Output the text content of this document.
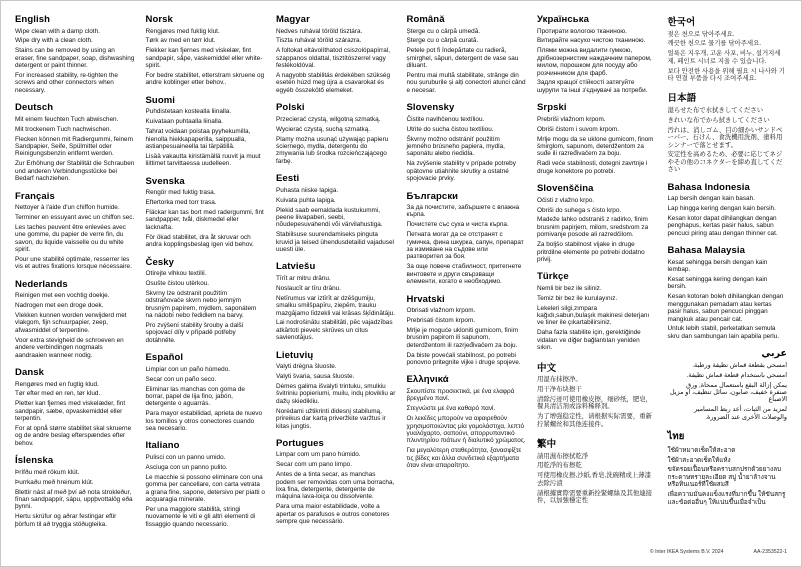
English

Wipe clean with a damp cloth.

Wipe dry with a clean cloth.

Stains can be removed by using an eraser, fine sandpaper, soap, dishwashing detergent or paint thinner.

For increased stability, re-tighten the screws and other connectors when necessary.

Deutsch

Mit einem feuchten Tuch abwischen.

Mit trockenem Tuch nachwischen.

Flecken können mit Radiergummi, feinem Sandpapier, Seife, Spülmittel oder Reinigungsbenzin entfernt werden.

Zur Erhöhung der Stabilität die Schrauben und anderen Verbindungsstücke bei Bedarf nachziehen.

Français

Nettoyer à l'aide d'un chiffon humide.

Terminer en essuyant avec un chiffon sec.

Les taches peuvent être enlevées avec une gomme, du papier de verre fin, du savon, du liquide vaisselle ou du white spirit.

Pour une stabilité optimale, resserrer les vis et autres fixations lorsque nécessaire.

Nederlands

Reinigen met een vochtig doekje.

Nadrogen met een droge doek.

Vlekken kunnen worden verwijderd met vlakgom, fijn schuurpapier, zeep, afwasmiddel of terpentine.

Voor extra stevigheid de schroeven en andere verbindingen nogmaals aandraaien wanneer nodig.

Dansk

Rengøres med en fugtig klud.

Tør efter med en ren, tør klud.

Pletter kan fjernes med viskelæder, fint sandpapir, sæbe, opvaskemiddel eller terpentin.

For at opnå større stabilitet skal skruerne og de andre beslag efterspændes efter behov.

Íslenska

Þrífðu með rökum klút.

Þurrkaðu með hreinum klút.

Blettir nást af með því að nota strokleður, fínan sandpappír, sápu, uppþvottalög eða þynni.

Hertu skrúfur og aðrar festingar eftir þörfum til að tryggja stöðugleika.

Norsk

Rengjøres med fuktig klut.

Tørk av med en tørr klut.

Flekker kan fjernes med viskelær, fint sandpapir, såpe, vaskemiddel eller white-spirit.

For bedre stabilitet, etterstram skruene og andre koblinger etter behov..

Suomi

Puhdistetaan kostealla liinalla.

Kuivataan puhtaalla liinalla.

Tahrat voidaan poistaa pyyhekumilla, hienolla hiekkapaperilla, saippualla, astianpesuaineella tai tärpätillä.

Lisää vakautta kiristämällä ruuvit ja muut liittimet tarvittaessa uudelleen.

Svenska

Rengör med fuktig trasa.

Eftertorka med torr trasa.

Fläckar kan tas bort med radergummi, fint sandpapper, tvål, diskmedel eller lacknafta.

För ökad stabilitet, dra åt skruvar och andra kopplingsbeslag igen vid behov.

Česky

Otírejte vlhkou textilií.

Osušte čistou utěrkou.

Skvrny lze odstranit použitím odstraňovače skvrn nebo jemným brusným papírem, mýdlem, saponátem na nádobí nebo ředidlem na barvy.

Pro zvýšení stability šrouby a další spojovací díly v případě potřeby dotáhněte.

Español

Limpiar con un paño húmedo.

Secar con un paño seco.

Eliminar las manchas con goma de borrar, papel de lija fino, jabón, detergente o aguarrás.

Para mayor estabilidad, aprieta de nuevo los tornillos y otros conectores cuando sea necesario.

Italiano

Pulisci con un panno umido.

Asciuga con un panno pulito.

Le macchie si possono eliminare con una gomma per cancellare, con carta vetrata a grana fine, sapone, detersivo per piatti o acquaragia minerale.

Per una maggiore stabilità, stringi nuovamente le viti e gli altri elementi di fissaggio quando necessario.

Magyar

Nedves ruhával töröld tisztára.

Tiszta ruhával töröld szárazra.

A foltokat eltávolíthatod csiszolópapírral, szappanos oldattal, tisztítószerrel vagy festékoldóval.

A nagyobb stabilitás érdekében szükség esetén húzd meg újra a csavarokat és egyéb összekötő elemeket.

Polski

Przecierać czystą, wilgotną szmatką.

Wycierać czystą, suchą szmatką.

Plamy można usunąć używając papieru ściernego, mydła, detergentu do zmywania lub środka rozcieńczającego farbę.

Eesti

Puhasta niiske lapiga.

Kuivata puhta lapiga.

Plekid saab eemaldada kustukummi, peene liivapaberi, seebi, nõudepesuvahendi või värvilahustiga.

Stabiilsuse suurendamiseks pinguta kruvid ja teised ühendusdetailid vajadusel uuesti üle.

Latviešu

Tīrīt ar mitru drānu.

Noslaucīt ar tīru drānu.

Netīrumus var iztīrīt ar dzēšgumiju, smalku smilšpapīru, ziepēm, trauku mazgājamo līdzekli vai krāsas šķīdinātāju.

Lai nodrošinātu stabilitāti, pēc vajadzības atkārtoti pievelc skrūves un citus savienotājus.

Lietuvių

Valyti drėgna šluoste.

Valyti švaria, sausa šluoste.

Dėmes galima išvalyti trintuku, smulkiu švitriniu popieriumi, muilu, indų plovikliu ar dažų skiedikliu.

Norėdami užtikrinti didesnį stabilumą, prireikus dar kartą priveržkite varžtus ir kitas jungtis.

Portugues

Limpar com um pano húmido.

Secar com um pano limpo.

Antes de a tinta secar, as manchas podem ser removidas com uma borracha, lixa fina, detergente, detergente de máquina lava-loiça ou dissolvente.

Para uma maior estabilidade, volte a apertar os parafusos e outros conetores sempre que necessário.

Română

Șterge cu o cârpă umedă.

Șterge cu o cârpă curată.

Petele pot fi îndepărtate cu radieră, șmirghel, săpun, detergent de vase sau diluant.

Pentru mai multă stabilitate, strânge din nou șuruburile și alți conectori atunci când e necesar.

Slovensky

Čistite navlhčenou textíliou.

Utrite do sucha čistou textíliou.

Škvrny možno odstrániť použitím jemného brúsneho papiera, mydla, saponátu alebo riedidla.

Na zvýšenie stability v prípade potreby opätovne utiahnite skrutky a ostatné spojovacie prvky.

Български

За да почистите, забършете с влажна кърпа.

Почистете със суха и чиста кърпа.

Петната могат да се отстранят с гумичка, фина шкурка, сапун, препарат за измиване на съдове или разтворител за боя.

За още повече стабилност, притегнете винтовете и други свързващи елементи, когато е необходимо.

Hrvatski

Obrisati vlažnom krpom.

Prebrisati čistom krpom.

Mrlje je moguće ukloniti gumicom, finim brusnim papirom ili sapunom, deterdžentom ili razrjeđivačem za boju.

Da biste povećali stabilnost, po potrebi ponovno pritegnite vijke i druge spojeve.

Ελληνικά

Σκουπίστε προσεκτικά, με ένα ελαφρά βρεγμένο πανί.

Στεγνώστε με ένα καθαρό πανί.

Οι λεκέδες μπορούν να αφαιρεθούν χρησιμοποιώντας μία γομολάστιχα, λεπτό γυαλόχαρτο, σαπούνι, απορρυπαντικό πλυντηρίου πιάτων ή διαλυτικό χρώματος.

Για μεγαλύτερη σταθερότητα, ξανασφίξτε τις βίδες και άλλα συνδετικά εξαρτήματα όταν είναι απαραίτητο.

Українська

Протирати вологою тканиною.

Витирайте насухо чистою тканиною.

Плями можна видалити гумкою, дрібнозернистим наждачним папером, милом, порошком для посуду або розчинником для фарб.

Задля кращої стійкості затягуйте шурупи та інші з'єднувачі за потреби.

Srpski

Prebriši vlažnom krpom.

Obriši čistom i suvom krpom.

Mrlje mogu da se uklone gumicom, finom šmirglom, sapunom, deterdžentom za suđe ili razređivačem za boju.

Radi veće stabilnosti, dotegni zavrtnje i druge konektore po potrebi.

Slovenščina

Očisti z vlažno krpo.

Obriši do suhega s čisto krpo.

Madeže lahko odstraniš z radirko, finim brusnim papirjem, milom, sredstvom za pomivanje posode ali razredčilom.

Za boljšo stabilnost vijake in druge pritrdilne elemente po potrebi dodatno privij.

Türkçe

Nemli bir bez ile siliniz.

Temiz bir bez ile kurulayınız.

Lekeleri silgi,zımpara kağıdı,sabun,bulaşık makinesi deterjanı ve tiner ile çıkartabilirsiniz.

Daha fazla stabilite için, gerektiğinde vidaları ve diğer bağlantıları yeniden sıkın.

中文

用湿布抹擦净。

用干净布块擦干

清除污迹可使用橡皮擦，细砂纸，肥皂，餐具清洁剂或涂料稀释剂。

为了增强稳定性，请根据实际需要，重新拧紧螺丝和其他连接件。

繁中

請用濕布擦拭乾淨

用乾淨的布擦乾

可使用橡皮擦,沙紙,香皂,洗碗精或上薄漆去除污漬

請根據實際需要重新拴緊螺絲及其他連接件，以加強穩定性

한국어

젖은 천으로 닦아주세요.

깨끗한 천으로 물기를 닦아주세요.

얼룩은 지우개, 고운 사포, 비누, 설거지세제, 페인트 시너로 지울 수 있습니다.

보다 안전한 사용을 위해 필요 시 나사와 기타 연결 부품을 다시 조여주세요.

日本語

湿らせた布で水拭きしてください

きれいな布でから拭きしてください

汚れは、消しゴム、目の細かいサンドペーパー、石けん、食洗機用洗剤、塗料用シンナーで落とせます。

安定性を高めるため、必要に応じてネジやその他のコネクターを締め直してください

Bahasa Indonesia

Lap bersih dengan kain basah.

Lap hingga kering dengan kain bersih.

Kesan kotor dapat dihilangkan dengan penghapus, kertas pasir halus, sabun pencuci piring atau dengan thinner cat.

Bahasa Malaysia

Kesat sehingga bersih dengan kain lembap.

Kesat sehingga kering dengan kain bersih.

Kesan kotoran boleh dihilangkan dengan menggunakan pemadam atau kertas pasir halus, sabun pencuci pinggan mangkuk atau pencair cat.

Untuk lebih stabil, perketatkan semula skru dan sambungan lain apabila perlu.

عربي

امسحي بقطعة قماش نظيفة ورطبة.

امسحي باستخدام قطعة قماش نظيفة.

يمكن إزالة البقع باستعمال ممحاة, ورق صنفرة خفيف، صابون، سائل تنظيف، او مزيل الاصباغ

لمزيد من الثبات، أعد ربط المسامير والوصلات الأخرى عند الضرورة.

ไทย

ใช้ผ้าหมาดเช็ดให้สะอาด

ใช้ผ้าสะอาดเช็ดให้แห้ง

ขจัดรอยเปื้อนหรือคราบสกปรกด้วยยางลบ กระดาษทรายละเอียด สบู่ น้ำยาล้างจาน หรือทินเนอร์ที่ใช้ผสมสี

เพื่อความมั่นคงแข็งแรงที่มากขึ้น ให้ขันสกรูและข้อต่ออื่นๆ ให้แน่นขึ้นเมื่อจำเป็น

© Inter IKEA Systems B.V. 2024	AA-2353522-1
